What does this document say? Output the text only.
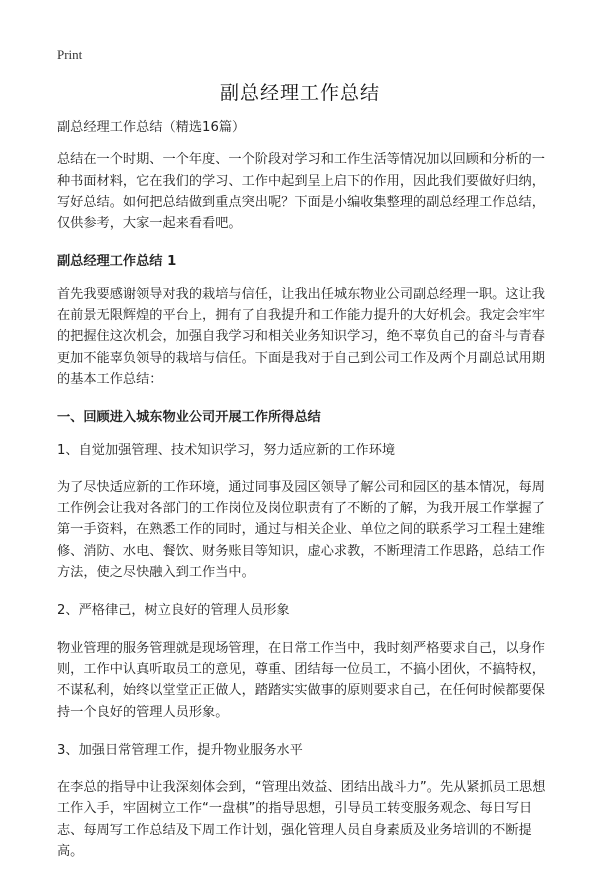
Print
副总经理工作总结

副总经理工作总结（精选16篇）

总结在一个时期、一个年度、一个阶段对学习和工作生活等情况加以回顾和分析的一种书面材料，它在我们的学习、工作中起到呈上启下的作用，因此我们要做好归纳，写好总结。如何把总结做到重点突出呢？下面是小编收集整理的副总经理工作总结，仅供参考，大家一起来看看吧。

副总经理工作总结 1

首先我要感谢领导对我的栽培与信任，让我出任城东物业公司副总经理一职。这让我在前景无限辉煌的平台上，拥有了自我提升和工作能力提升的大好机会。我定会牢牢的把握住这次机会，加强自我学习和相关业务知识学习，绝不辜负自己的奋斗与青春更加不能辜负领导的栽培与信任。下面是我对于自己到公司工作及两个月副总试用期的基本工作总结：

一、回顾进入城东物业公司开展工作所得总结

1、自觉加强管理、技术知识学习，努力适应新的工作环境

为了尽快适应新的工作环境，通过同事及园区领导了解公司和园区的基本情况，每周工作例会让我对各部门的工作岗位及岗位职责有了不断的了解，为我开展工作掌握了第一手资料，在熟悉工作的同时，通过与相关企业、单位之间的联系学习工程土建维修、消防、水电、餐饮、财务账目等知识，虚心求教，不断理清工作思路，总结工作方法，使之尽快融入到工作当中。

2、严格律己，树立良好的管理人员形象

物业管理的服务管理就是现场管理，在日常工作当中，我时刻严格要求自己，以身作则，工作中认真听取员工的意见，尊重、团结每一位员工，不搞小团伙，不搞特权，不谋私利，始终以堂堂正正做人，踏踏实实做事的原则要求自己，在任何时候都要保持一个良好的管理人员形象。

3、加强日常管理工作，提升物业服务水平

在李总的指导中让我深刻体会到，“管理出效益、团结出战斗力”。先从紧抓员工思想工作入手，牢固树立工作“一盘棋”的指导思想，引导员工转变服务观念、每日写日志、每周写工作总结及下周工作计划，强化管理人员自身素质及业务培训的不断提高。
